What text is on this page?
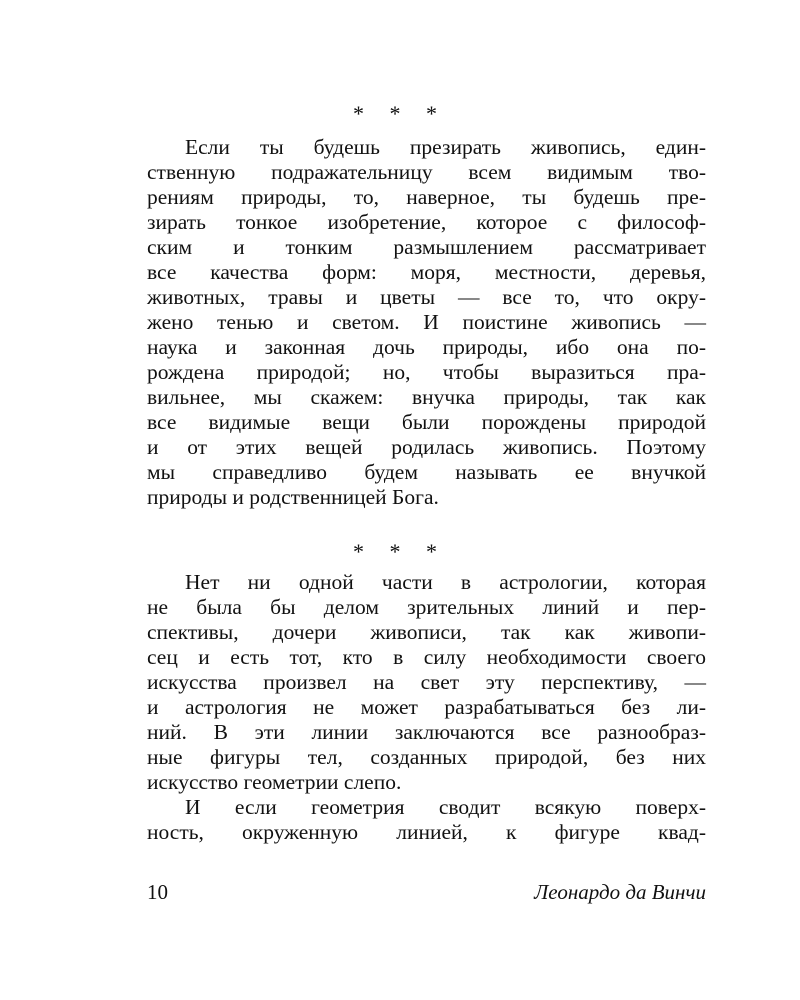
* * *
Если ты будешь презирать живопись, един-
ственную подражательницу всем видимым тво-
рениям природы, то, наверное, ты будешь пре-
зирать тонкое изобретение, которое с философ-
ским и тонким размышлением рассматривает
все качества форм: моря, местности, деревья,
животных, травы и цветы — все то, что окру-
жено тенью и светом. И поистине живопись —
наука и законная дочь природы, ибо она по-
рождена природой; но, чтобы выразиться пра-
вильнее, мы скажем: внучка природы, так как
все видимые вещи были порождены природой
и от этих вещей родилась живопись. Поэтому
мы справедливо будем называть ее внучкой
природы и родственницей Бога.
* * *
Нет ни одной части в астрологии, которая
не была бы делом зрительных линий и пер-
спективы, дочери живописи, так как живопи-
сец и есть тот, кто в силу необходимости своего
искусства произвел на свет эту перспективу, —
и астрология не может разрабатываться без ли-
ний. В эти линии заключаются все разнообраз-
ные фигуры тел, созданных природой, без них
искусство геометрии слепо.
И если геометрия сводит всякую поверх-
ность, окруженную линией, к фигуре квад-
10	Леонардо да Винчи
